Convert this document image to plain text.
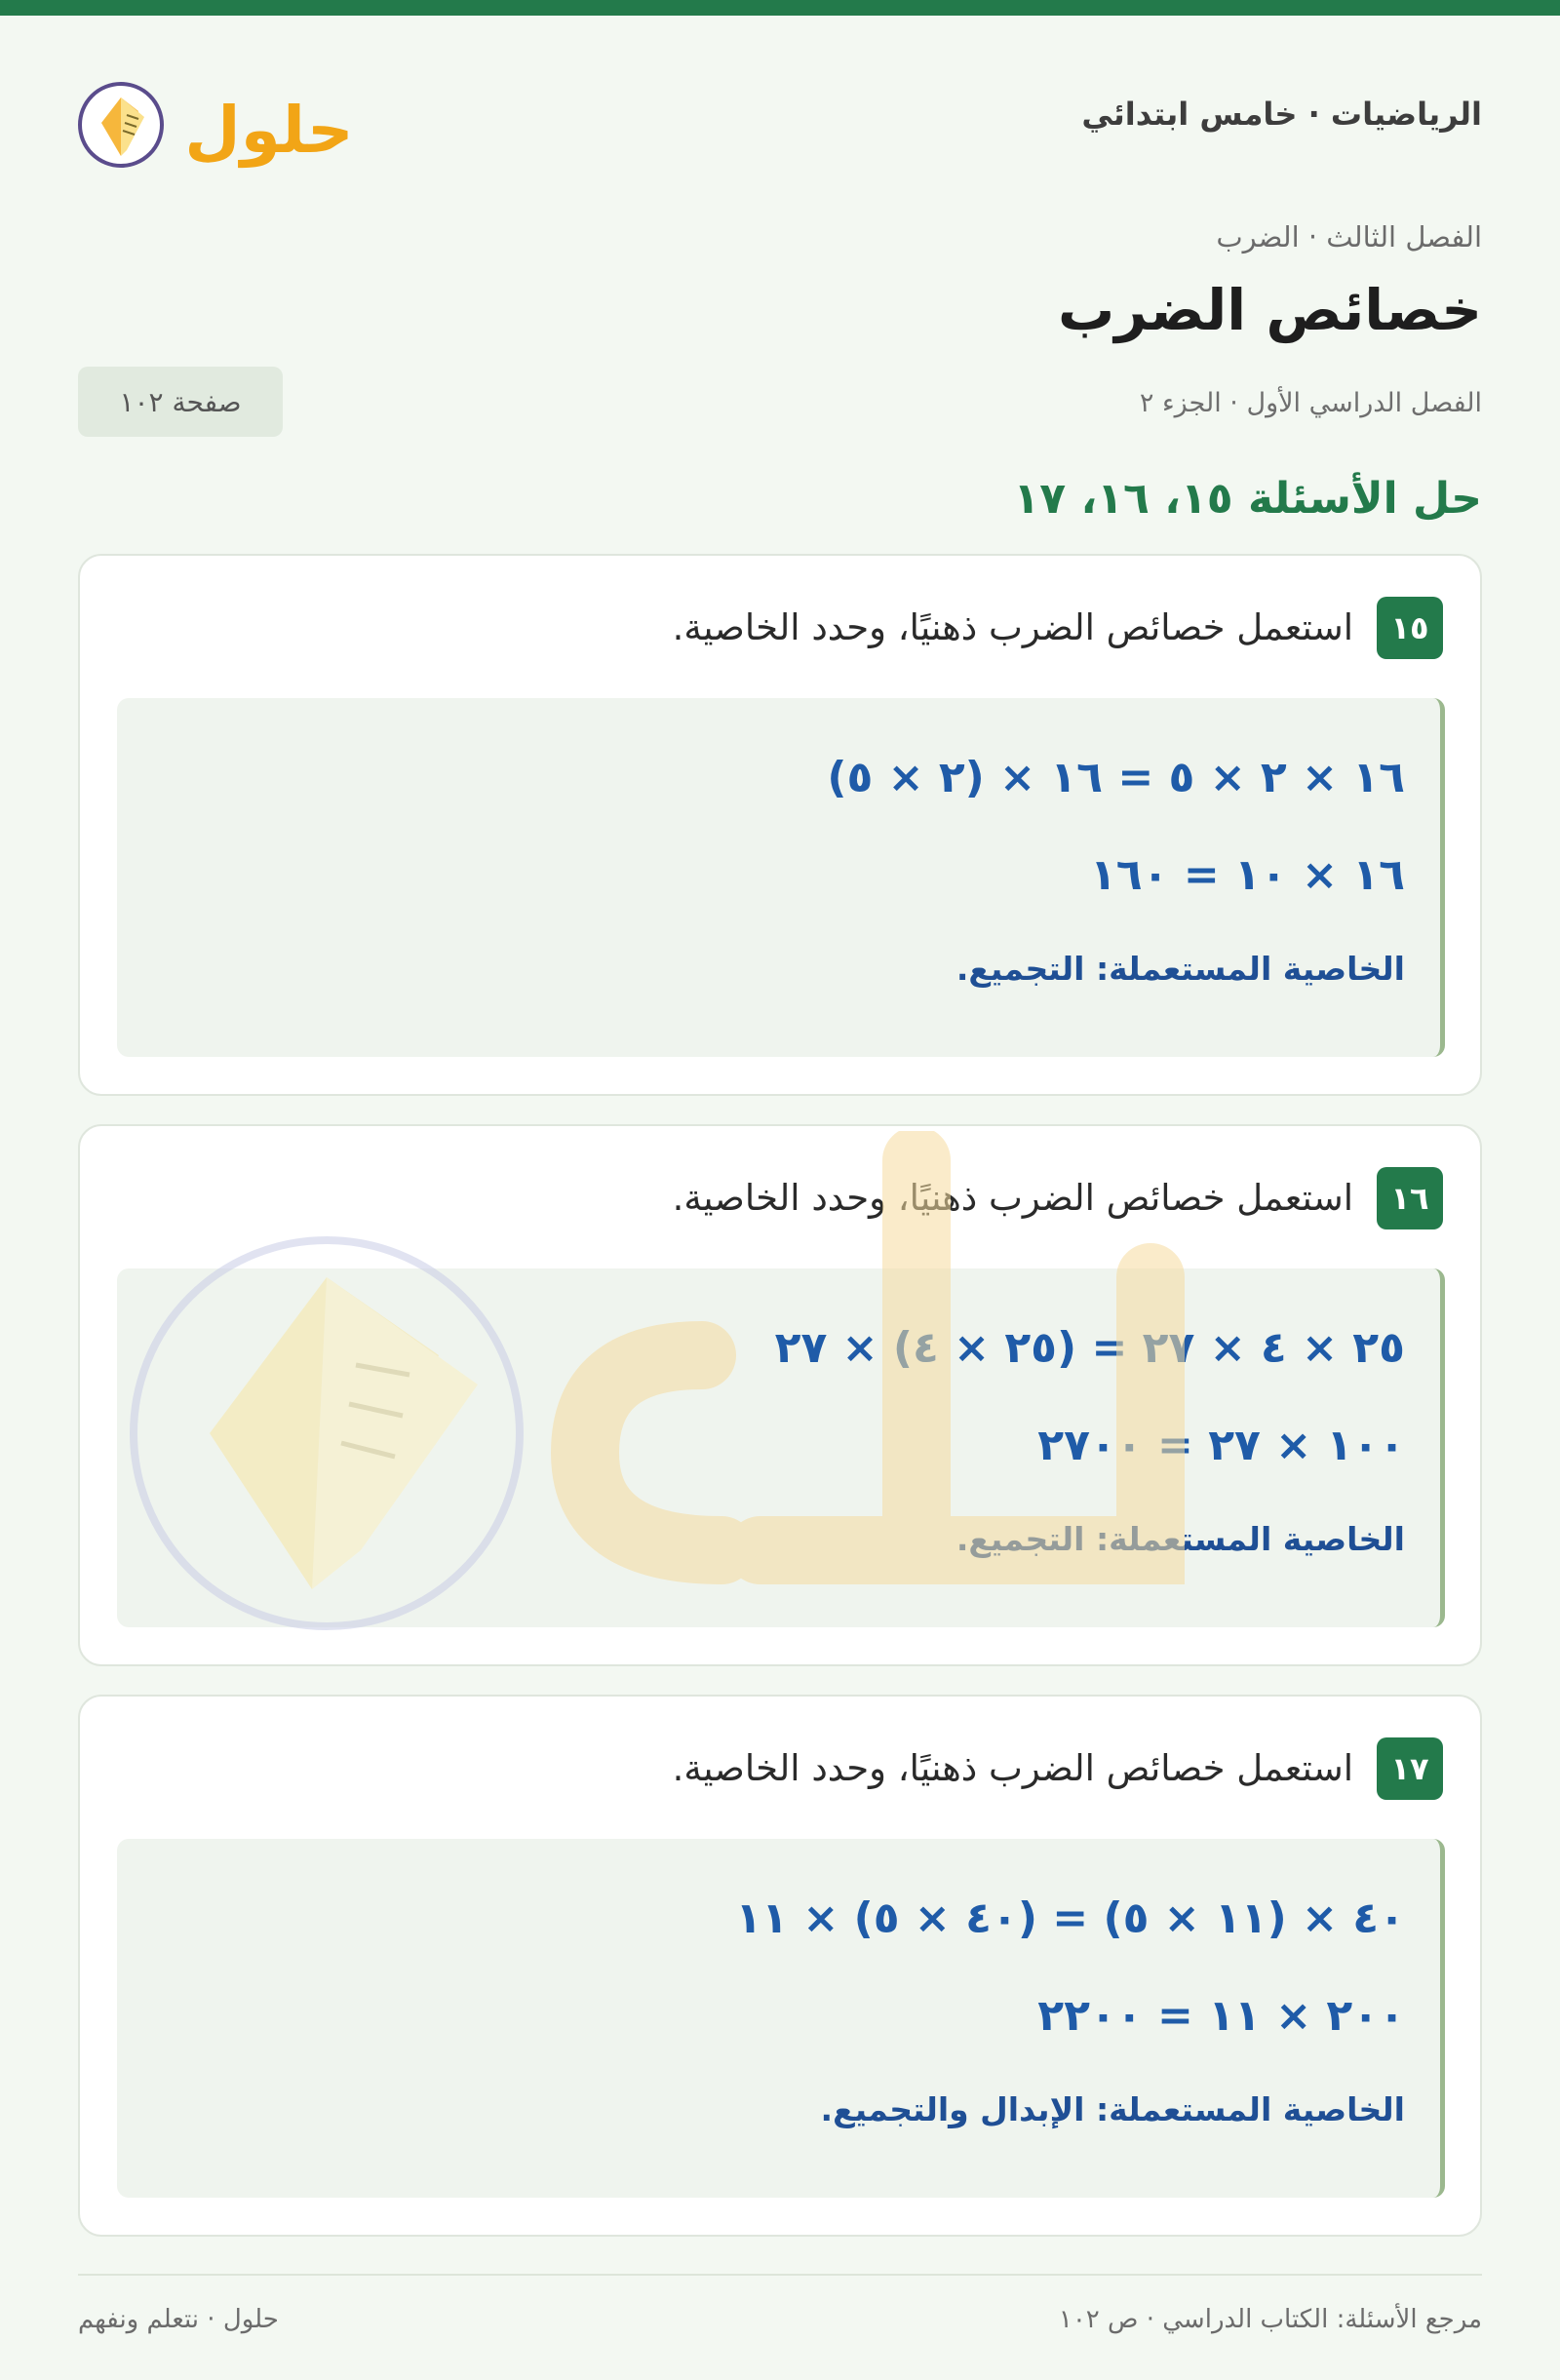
الرياضيات · خامس ابتدائي
حلول
الفصل الثالث · الضرب
خصائص الضرب
الفصل الدراسي الأول · الجزء ٢
صفحة ١٠٢
حل الأسئلة ١٥، ١٦، ١٧
١٥
استعمل خصائص الضرب ذهنيًا، وحدد الخاصية.
١٦ × ٢ × ٥ = ١٦ × (٢ × ٥)
١٦ × ١٠ = ١٦٠
الخاصية المستعملة: التجميع.
١٦
استعمل خصائص الضرب ذهنيًا، وحدد الخاصية.
٢٥ × ٤ × ٢٧ = (٢٥ × ٤) × ٢٧
١٠٠ × ٢٧ = ٢٧٠٠
الخاصية المستعملة: التجميع.
١٧
استعمل خصائص الضرب ذهنيًا، وحدد الخاصية.
٤٠ × (١١ × ٥) = (٤٠ × ٥) × ١١
٢٠٠ × ١١ = ٢٢٠٠
الخاصية المستعملة: الإبدال والتجميع.
مرجع الأسئلة: الكتاب الدراسي · ص ١٠٢
حلول · نتعلم ونفهم
